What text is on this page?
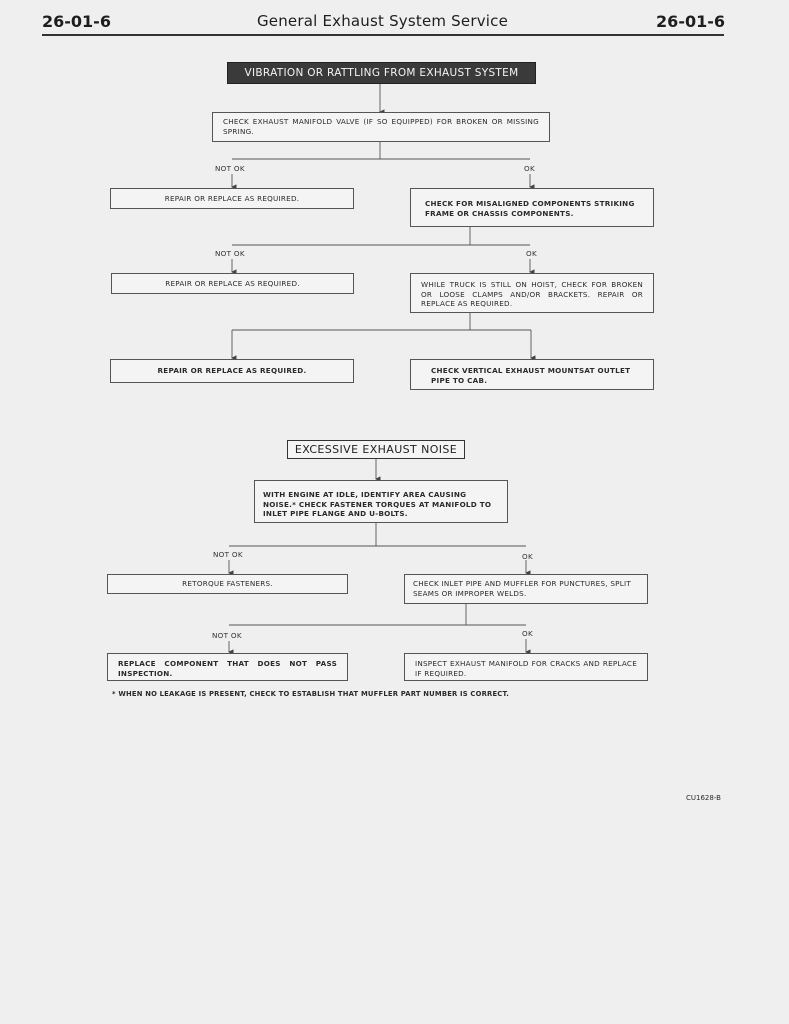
26-01-6	General Exhaust System Service	26-01-6
VIBRATION OR RATTLING FROM EXHAUST SYSTEM
CHECK EXHAUST MANIFOLD VALVE (IF SO EQUIPPED) FOR BROKEN OR MISSING SPRING.
NOT OK	OK
REPAIR OR REPLACE AS REQUIRED.
CHECK FOR MISALIGNED COMPONENTS STRIKING FRAME OR CHASSIS COMPONENTS.
NOT OK	OK
REPAIR OR REPLACE AS REQUIRED.	WHILE TRUCK IS STILL ON HOIST, CHECK FOR BROKEN OR LOOSE CLAMPS AND/OR BRACKETS. REPAIR OR REPLACE AS REQUIRED.
REPAIR OR REPLACE AS REQUIRED.	CHECK VERTICAL EXHAUST MOUNTSAT OUTLET PIPE TO CAB.
EXCESSIVE EXHAUST NOISE
WITH ENGINE AT IDLE, IDENTIFY AREA CAUSING NOISE.* CHECK FASTENER TORQUES AT MANIFOLD TO INLET PIPE FLANGE AND U-BOLTS.
NOT OK	OK
RETORQUE FASTENERS.	CHECK INLET PIPE AND MUFFLER FOR PUNCTURES, SPLIT SEAMS OR IMPROPER WELDS.
NOT OK	OK
REPLACE COMPONENT THAT DOES NOT PASS INSPECTION.
INSPECT EXHAUST MANIFOLD FOR CRACKS AND REPLACE IF REQUIRED.
* WHEN NO LEAKAGE IS PRESENT, CHECK TO ESTABLISH THAT MUFFLER PART NUMBER IS CORRECT.
CU1628-B
